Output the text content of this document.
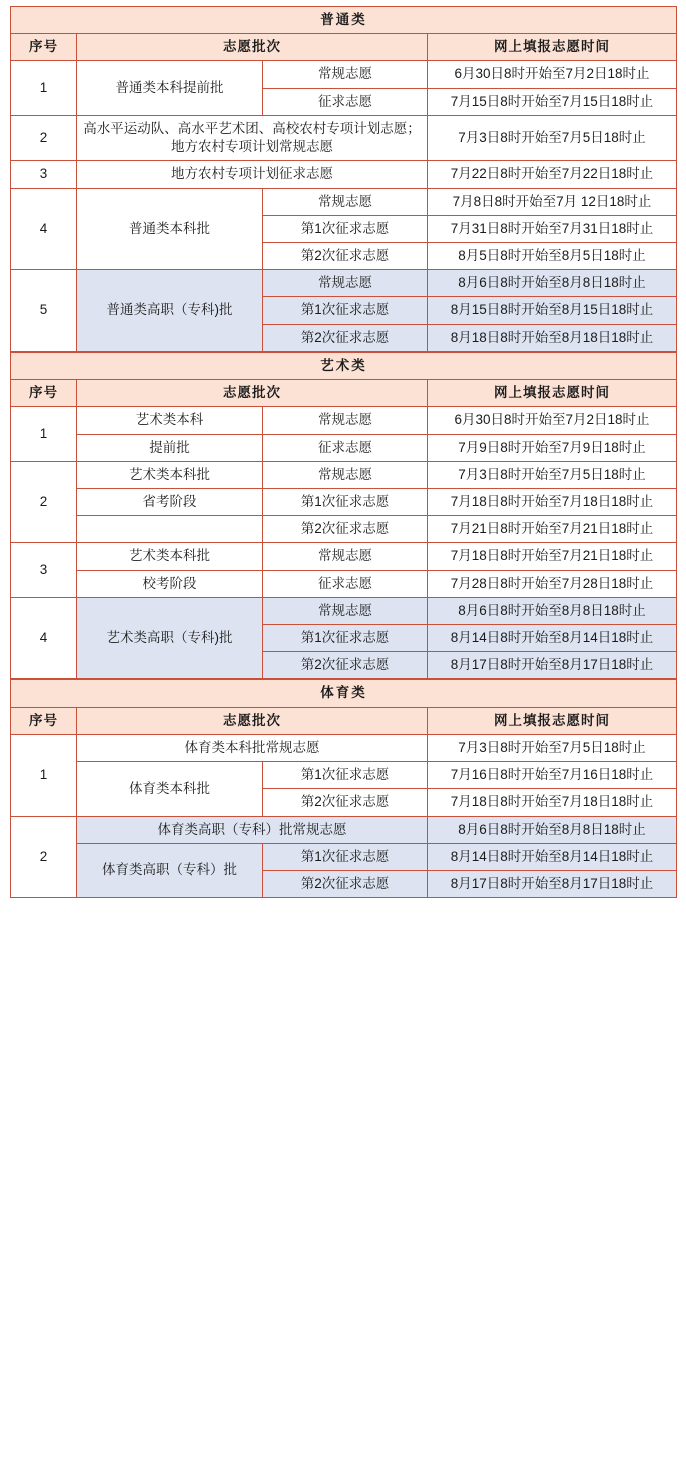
普通类			
序号	志愿批次		网上填报志愿时间
1	普通类本科提前批	常规志愿	6月30日8时开始至7月2日18时止
		征求志愿	7月15日8时开始至7月15日18时止
2	高水平运动队、高水平艺术团、高校农村专项计划志愿；地方农村专项计划常规志愿		7月3日8时开始至7月5日18时止
3	地方农村专项计划征求志愿		7月22日8时开始至7月22日18时止
4	普通类本科批	常规志愿	7月8日8时开始至7月 12日18时止
		第1次征求志愿	7月31日8时开始至7月31日18时止
		第2次征求志愿	8月5日8时开始至8月5日18时止
5	普通类高职（专科)批	常规志愿	8月6日8时开始至8月8日18时止
		第1次征求志愿	8月15日8时开始至8月15日18时止
		第2次征求志愿	8月18日8时开始至8月18日18时止
艺术类			
序号	志愿批次		网上填报志愿时间
1	艺术类本科	常规志愿	6月30日8时开始至7月2日18时止
	提前批	征求志愿	7月9日8时开始至7月9日18时止
2	艺术类本科批	常规志愿	7月3日8时开始至7月5日18时止
	省考阶段	第1次征求志愿	7月18日8时开始至7月18日18时止
		第2次征求志愿	7月21日8时开始至7月21日18时止
3	艺术类本科批	常规志愿	7月18日8时开始至7月21日18时止
	校考阶段	征求志愿	7月28日8时开始至7月28日18时止
4	艺术类高职（专科)批	常规志愿	8月6日8时开始至8月8日18时止
		第1次征求志愿	8月14日8时开始至8月14日18时止
		第2次征求志愿	8月17日8时开始至8月17日18时止
体育类			
序号	志愿批次		网上填报志愿时间
1	体育类本科批常规志愿		7月3日8时开始至7月5日18时止
	体育类本科批	第1次征求志愿	7月16日8时开始至7月16日18时止
		第2次征求志愿	7月18日8时开始至7月18日18时止
2	体育类高职（专科）批常规志愿		8月6日8时开始至8月8日18时止
	体育类高职（专科）批	第1次征求志愿	8月14日8时开始至8月14日18时止
		第2次征求志愿	8月17日8时开始至8月17日18时止
